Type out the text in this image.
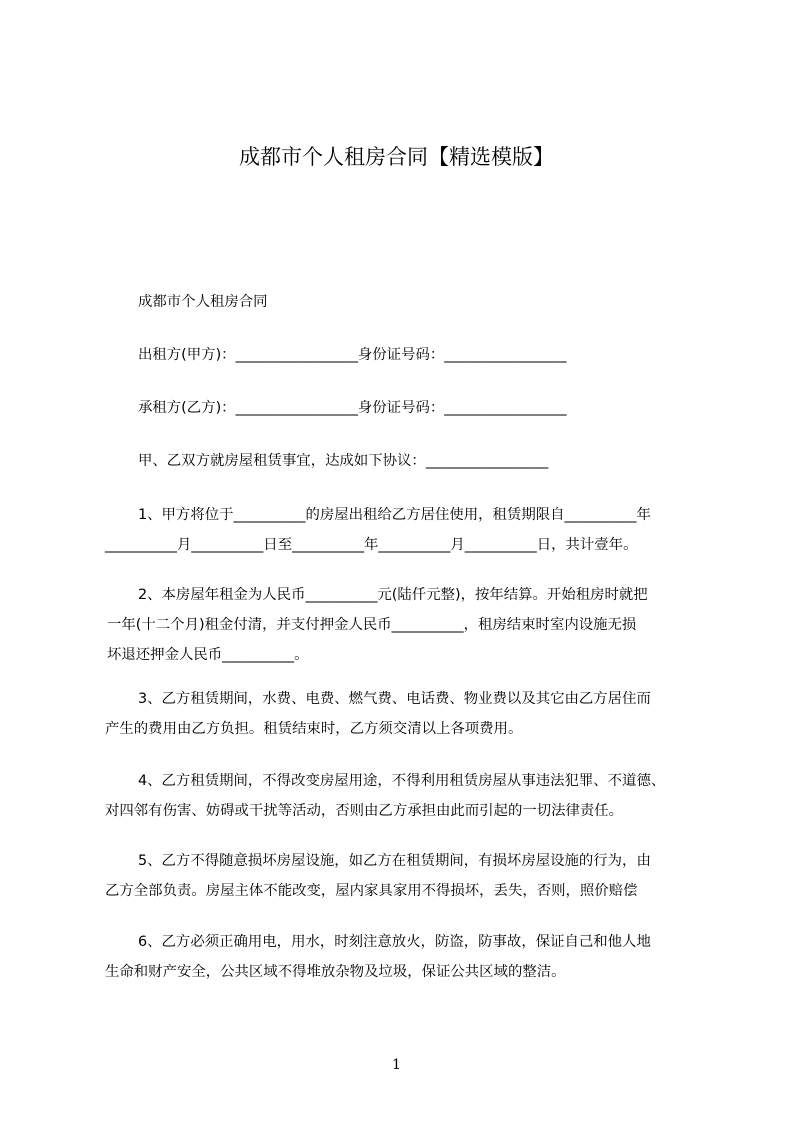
成都市个人租房合同【精选模版】
成都市个人租房合同
出租方(甲方)：_________________身份证号码：_________________
承租方(乙方)：_________________身份证号码：_________________
甲、乙双方就房屋租赁事宜，达成如下协议：_________________
1、甲方将位于__________的房屋出租给乙方居住使用，租赁期限自__________年
__________月__________日至__________年__________月__________日，共计壹年。
2、本房屋年租金为人民币__________元(陆仟元整)，按年结算。开始租房时就把
一年(十二个月)租金付清，并支付押金人民币__________，租房结束时室内设施无损
坏退还押金人民币__________。
3、乙方租赁期间，水费、电费、燃气费、电话费、物业费以及其它由乙方居住而
产生的费用由乙方负担。租赁结束时，乙方须交清以上各项费用。
4、乙方租赁期间，不得改变房屋用途，不得利用租赁房屋从事违法犯罪、不道德、
对四邻有伤害、妨碍或干扰等活动，否则由乙方承担由此而引起的一切法律责任。
5、乙方不得随意损坏房屋设施，如乙方在租赁期间，有损坏房屋设施的行为，由
乙方全部负责。房屋主体不能改变，屋内家具家用不得损坏，丢失，否则，照价赔偿
6、乙方必须正确用电，用水，时刻注意放火，防盗，防事故，保证自己和他人地
生命和财产安全，公共区域不得堆放杂物及垃圾，保证公共区域的整洁。
1
